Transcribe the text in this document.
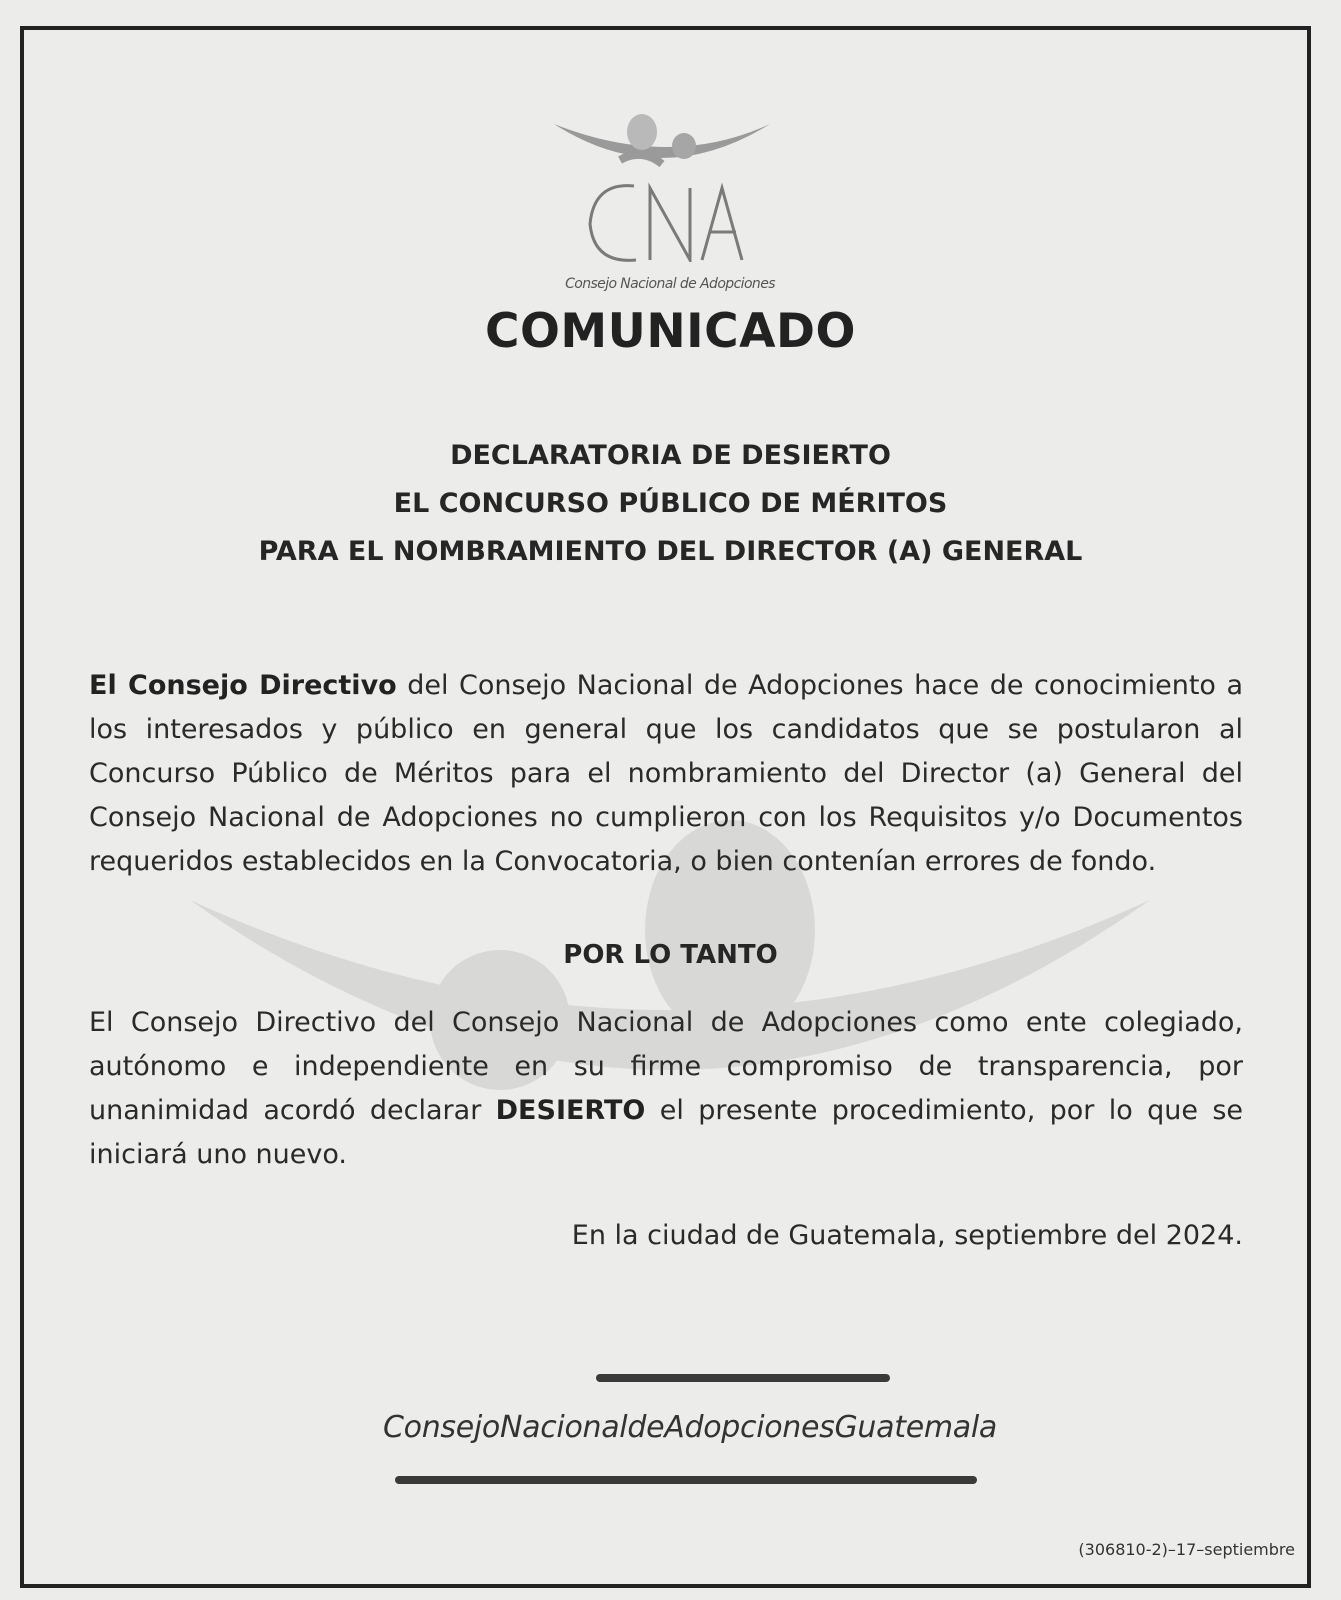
Consejo Nacional de Adopciones
COMUNICADO
DECLARATORIA DE DESIERTO
EL CONCURSO PÚBLICO DE MÉRITOS
PARA EL NOMBRAMIENTO DEL DIRECTOR (A) GENERAL
El Consejo Directivo del Consejo Nacional de Adopciones hace de conocimiento a los interesados y público en general que los candidatos que se postularon al Concurso Público de Méritos para el nombramiento del Director (a) General del Consejo Nacional de Adopciones no cumplieron con los Requisitos y/o Documentos requeridos establecidos en la Convocatoria, o bien contenían errores de fondo.
POR LO TANTO
El Consejo Directivo del Consejo Nacional de Adopciones como ente colegiado, autónomo e independiente en su firme compromiso de transparencia, por unanimidad acordó declarar DESIERTO el presente procedimiento, por lo que se iniciará uno nuevo.
En la ciudad de Guatemala, septiembre del 2024.
ConsejoNacionaldeAdopcionesGuatemala
(306810-2)–17–septiembre
